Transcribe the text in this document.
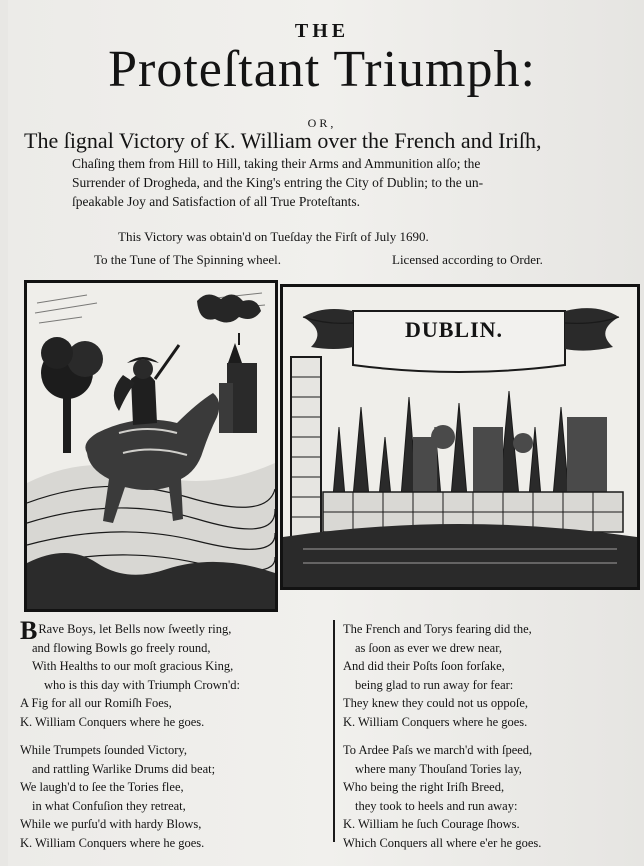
THE
Proteſtant Triumph:
OR,
The ſignal Victory of K. William over the French and Iriſh,
Chaſing them from Hill to Hill, taking their Arms and Ammunition alſo; the
Surrender of Drogheda, and the King's entring the City of Dublin; to the un-
ſpeakable Joy and Satisfaction of all True Proteſtants.
This Victory was obtain'd on Tueſday the Firſt of July 1690.
To the Tune of The Spinning wheel.	Licensed according to Order.
DUBLIN.
BRave Boys, let Bells now ſweetly ring,
and flowing Bowls go freely round,
With Healths to our moſt gracious King,
who is this day with Triumph Crown'd:
A Fig for all our Romiſh Foes,
K. William Conquers where he goes.
While Trumpets ſounded Victory,
and rattling Warlike Drums did beat;
We laugh'd to ſee the Tories flee,
in what Confuſion they retreat,
While we purſu'd with hardy Blows,
K. William Conquers where he goes.
The French and Torys fearing did the,
as ſoon as ever we drew near,
And did their Poſts ſoon forſake,
being glad to run away for fear:
They knew they could not us oppoſe,
K. William Conquers where he goes.
To Ardee Paſs we march'd with ſpeed,
where many Thouſand Tories lay,
Who being the right Iriſh Breed,
they took to heels and run away:
K. William he ſuch Courage ſhows.
Which Conquers all where e'er he goes.
